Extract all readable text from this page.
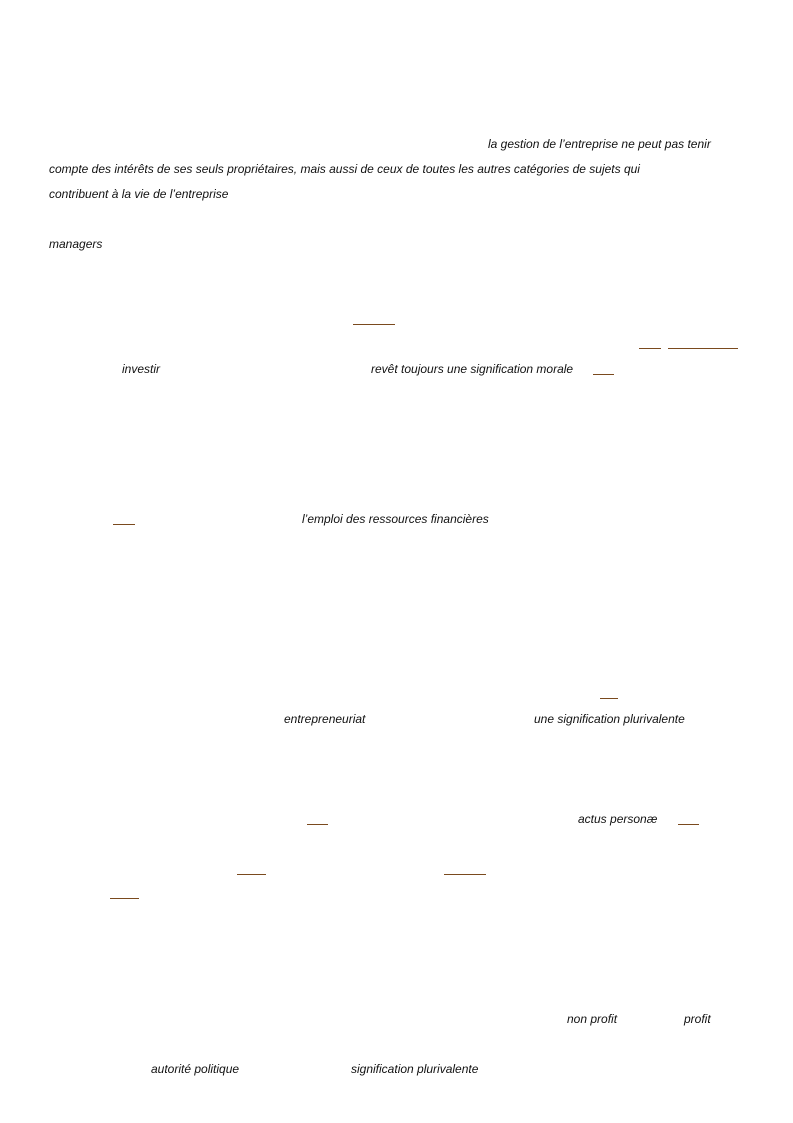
la gestion de l’entreprise ne peut pas tenir
compte des intérêts de ses seuls propriétaires, mais aussi de ceux de toutes les autres catégories de sujets qui
contribuent à la vie de l’entreprise
managers
investir	revêt toujours une signification morale
l’emploi des ressources financières
entrepreneuriat	une signification plurivalente
actus personæ
non profit	profit
autorité politique	signification plurivalente
